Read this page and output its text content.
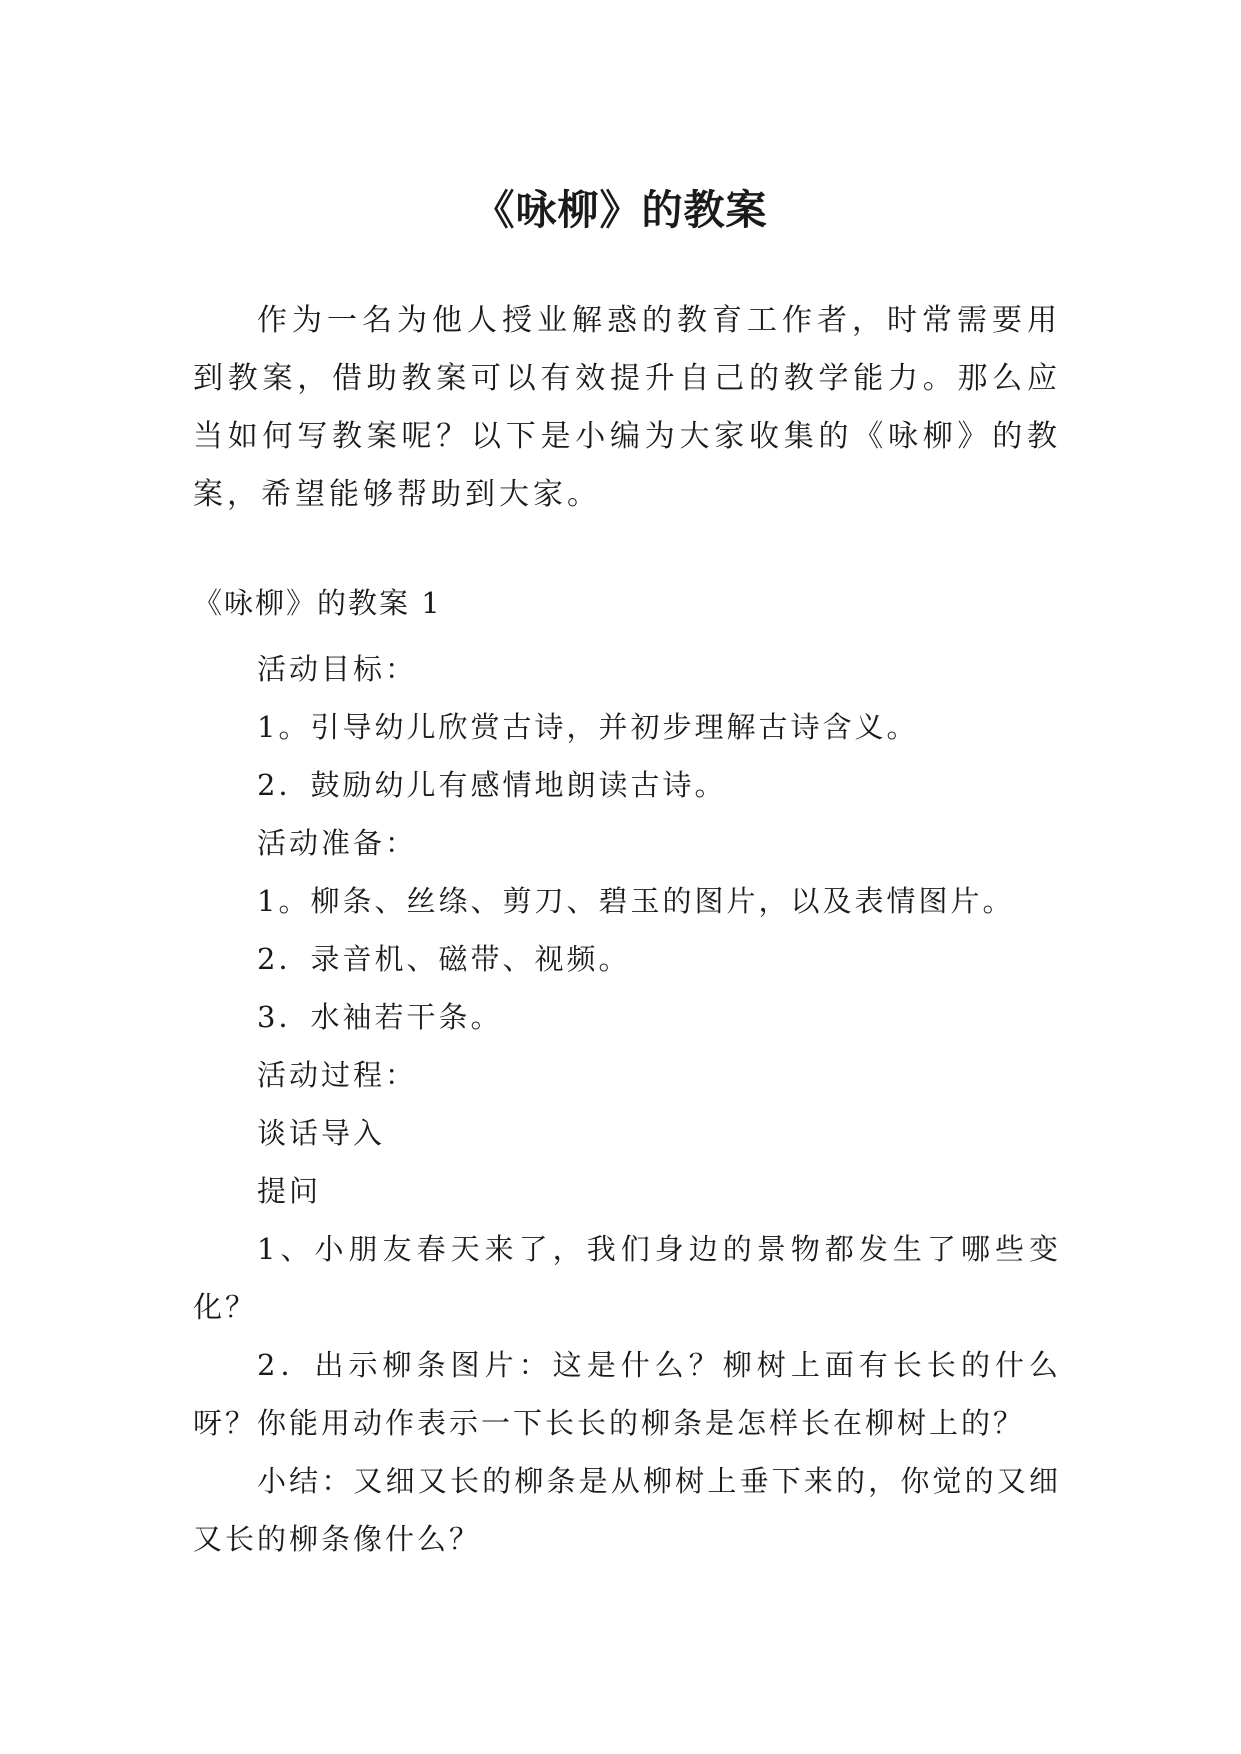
《咏柳》的教案

作为一名为他人授业解惑的教育工作者，时常需要用到教案，借助教案可以有效提升自己的教学能力。那么应当如何写教案呢？以下是小编为大家收集的《咏柳》的教案，希望能够帮助到大家。

《咏柳》的教案 1

活动目标：

1。引导幼儿欣赏古诗，并初步理解古诗含义。

2．鼓励幼儿有感情地朗读古诗。

活动准备：

1。柳条、丝绦、剪刀、碧玉的图片，以及表情图片。

2．录音机、磁带、视频。

3．水袖若干条。

活动过程：

谈话导入

提问

1、小朋友春天来了，我们身边的景物都发生了哪些变化？

2．出示柳条图片：这是什么？柳树上面有长长的什么呀？你能用动作表示一下长长的柳条是怎样长在柳树上的？

小结：又细又长的柳条是从柳树上垂下来的，你觉的又细又长的柳条像什么？
